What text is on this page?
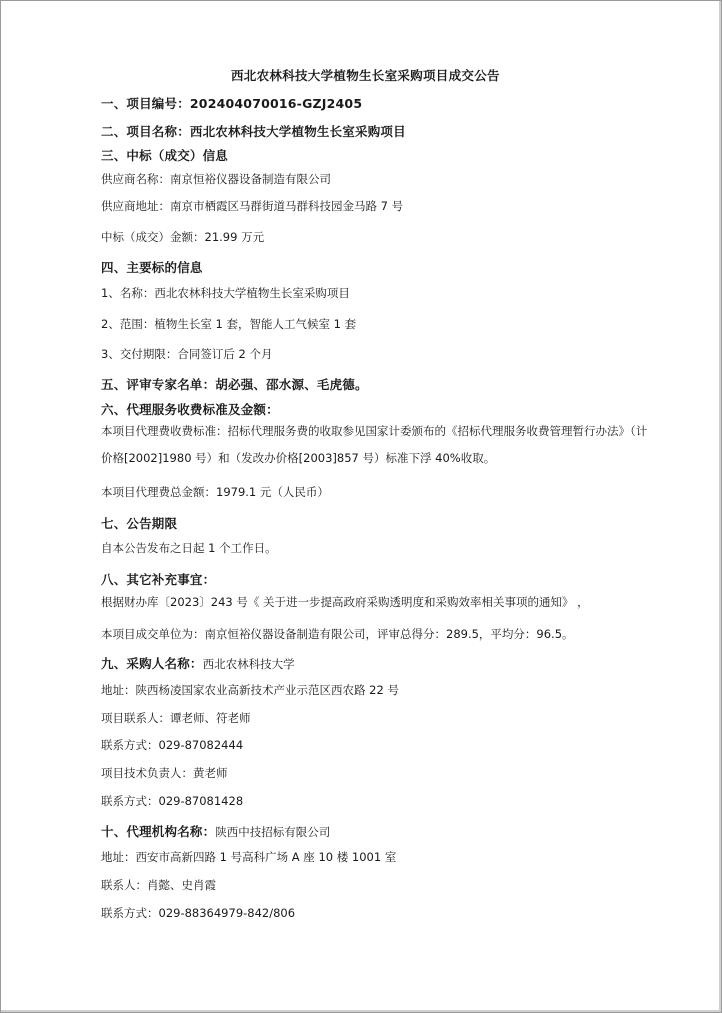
西北农林科技大学植物生长室采购项目成交公告
一、项目编号：202404070016-GZJ2405
二、项目名称：西北农林科技大学植物生长室采购项目
三、中标（成交）信息
供应商名称：南京恒裕仪器设备制造有限公司
供应商地址：南京市栖霞区马群街道马群科技园金马路 7 号
中标（成交）金额：21.99 万元
四、主要标的信息
1、名称：西北农林科技大学植物生长室采购项目
2、范围：植物生长室 1 套，智能人工气候室 1 套
3、交付期限：合同签订后 2 个月
五、评审专家名单：胡必强、邵水源、毛虎德。
六、代理服务收费标准及金额：
本项目代理费收费标准：招标代理服务费的收取参见国家计委颁布的《招标代理服务收费管理暂行办法》（计价格[2002]1980 号）和（发改办价格[2003]857 号）标准下浮 40%收取。
本项目代理费总金额：1979.1 元（人民币）
七、公告期限
自本公告发布之日起 1 个工作日。
八、其它补充事宜：
根据财办库〔2023〕243 号《 关于进一步提高政府采购透明度和采购效率相关事项的通知》 ，
本项目成交单位为：南京恒裕仪器设备制造有限公司，评审总得分：289.5，平均分：96.5。
九、采购人名称：西北农林科技大学
地址：陕西杨凌国家农业高新技术产业示范区西农路 22 号
项目联系人：谭老师、符老师
联系方式：029-87082444
项目技术负责人：黄老师
联系方式：029-87081428
十、代理机构名称：陕西中技招标有限公司
地址：西安市高新四路 1 号高科广场 A 座 10 楼 1001 室
联系人：肖懿、史肖霞
联系方式：029-88364979-842/806
